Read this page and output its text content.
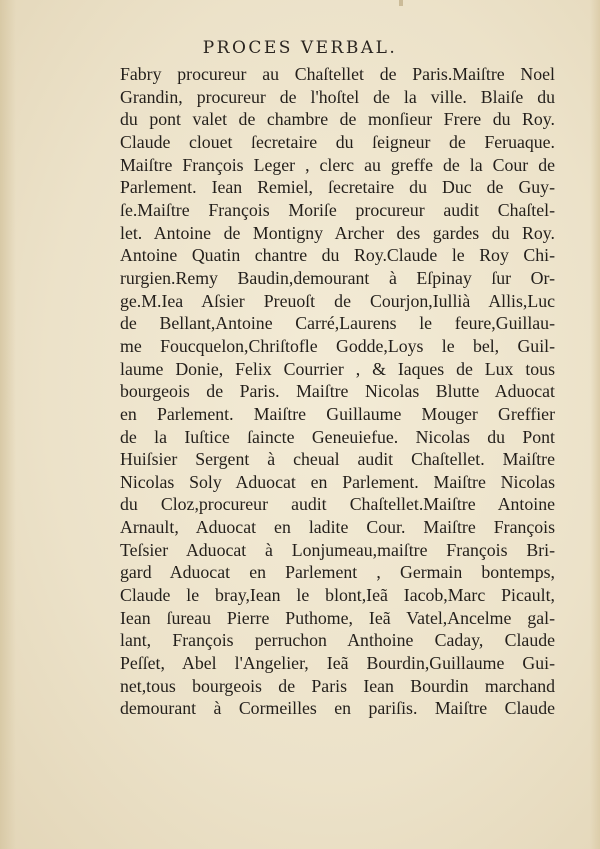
PROCES VERBAL.
Fabry procureur au Chaſtellet de Paris.Maiſtre Noel
Grandin, procureur de l'hoſtel de la ville. Blaiſe du
du pont valet de chambre de monſieur Frere du Roy.
Claude clouet ſecretaire du ſeigneur de Feruaque.
Maiſtre François Leger , clerc au greffe de la Cour de
Parlement. Iean Remiel, ſecretaire du Duc de Guy-
ſe.Maiſtre François Moriſe procureur audit Chaſtel-
let. Antoine de Montigny Archer des gardes du Roy.
Antoine Quatin chantre du Roy.Claude le Roy Chi-
rurgien.Remy Baudin,demourant à Eſpinay ſur Or-
ge.M.Iea Aſsier Preuoſt de Courjon,Iullià Allis,Luc
de Bellant,Antoine Carré,Laurens le feure,Guillau-
me Foucquelon,Chriſtofle Godde,Loys le bel, Guil-
laume Donie, Felix Courrier , & Iaques de Lux tous
bourgeois de Paris. Maiſtre Nicolas Blutte Aduocat
en Parlement. Maiſtre Guillaume Mouger Greffier
de la Iuſtice ſaincte Geneuiefue. Nicolas du Pont
Huiſsier Sergent à cheual audit Chaſtellet. Maiſtre
Nicolas Soly Aduocat en Parlement. Maiſtre Nicolas
du Cloz,procureur audit Chaſtellet.Maiſtre Antoine
Arnault, Aduocat en ladite Cour. Maiſtre François
Teſsier Aduocat à Lonjumeau,maiſtre François Bri-
gard Aduocat en Parlement , Germain bontemps,
Claude le bray,Iean le blont,Ieã Iacob,Marc Picault,
Iean ſureau Pierre Puthome, Ieã Vatel,Ancelme gal-
lant, François perruchon Anthoine Caday, Claude
Peſſet, Abel l'Angelier, Ieã Bourdin,Guillaume Gui-
net,tous bourgeois de Paris Iean Bourdin marchand
demourant à Cormeilles en pariſis. Maiſtre Claude
